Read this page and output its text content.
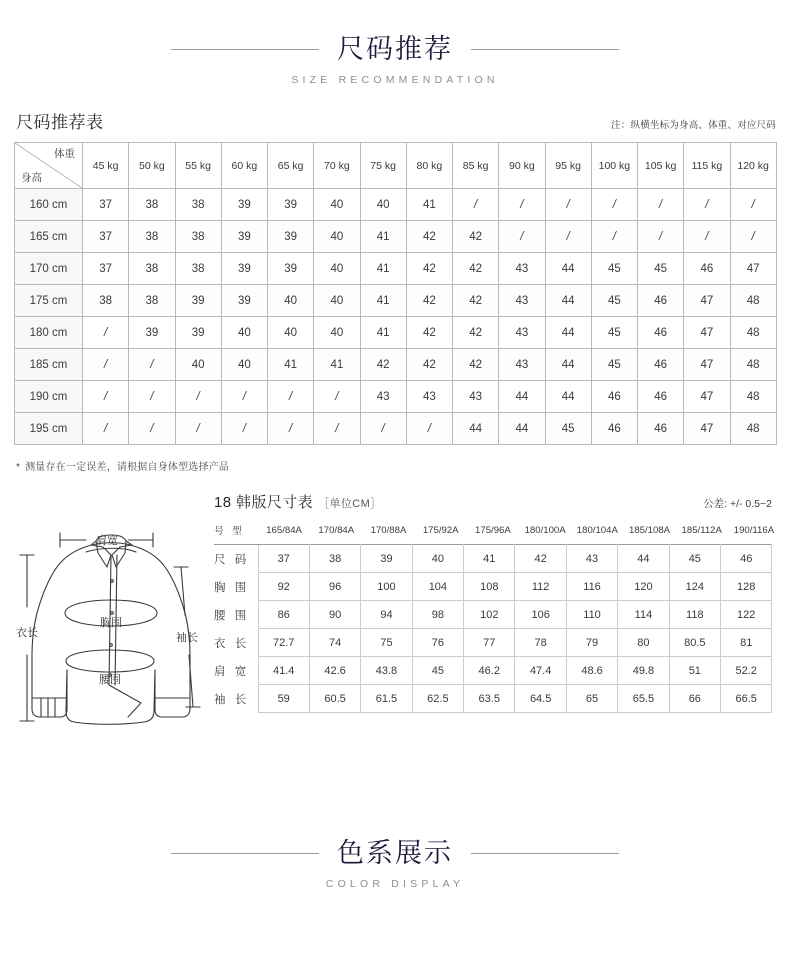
尺码推荐
SIZE RECOMMENDATION
尺码推荐表	注：纵横坐标为身高、体重、对应尺码
体重
身高	45 kg	50 kg	55 kg	60 kg	65 kg	70 kg	75 kg	80 kg	85 kg	90 kg	95 kg	100 kg	105 kg	115 kg	120 kg
160 cm	37	38	38	39	39	40	40	41	/	/	/	/	/	/	/
165 cm	37	38	38	39	39	40	41	42	42	/	/	/	/	/	/
170 cm	37	38	38	39	39	40	41	42	42	43	44	45	45	46	47
175 cm	38	38	39	39	40	40	41	42	42	43	44	45	46	47	48
180 cm	/	39	39	40	40	40	41	42	42	43	44	45	46	47	48
185 cm	/	/	40	40	41	41	42	42	42	43	44	45	46	47	48
190 cm	/	/	/	/	/	/	43	43	43	44	44	46	46	47	48
195 cm	/	/	/	/	/	/	/	/	44	44	45	46	46	47	48
* 测量存在一定误差，请根据自身体型选择产品
肩宽
衣长
胸围
腰围
袖长
18 韩版尺寸表 ［单位CM］	公差: +/- 0.5~2
号 型	165/84A	170/84A	170/88A	175/92A	175/96A	180/100A	180/104A	185/108A	185/112A	190/116A
尺 码	37	38	39	40	41	42	43	44	45	46
胸 围	92	96	100	104	108	112	116	120	124	128
腰 围	86	90	94	98	102	106	110	114	118	122
衣 长	72.7	74	75	76	77	78	79	80	80.5	81
肩 宽	41.4	42.6	43.8	45	46.2	47.4	48.6	49.8	51	52.2
袖 长	59	60.5	61.5	62.5	63.5	64.5	65	65.5	66	66.5
色系展示
COLOR DISPLAY
